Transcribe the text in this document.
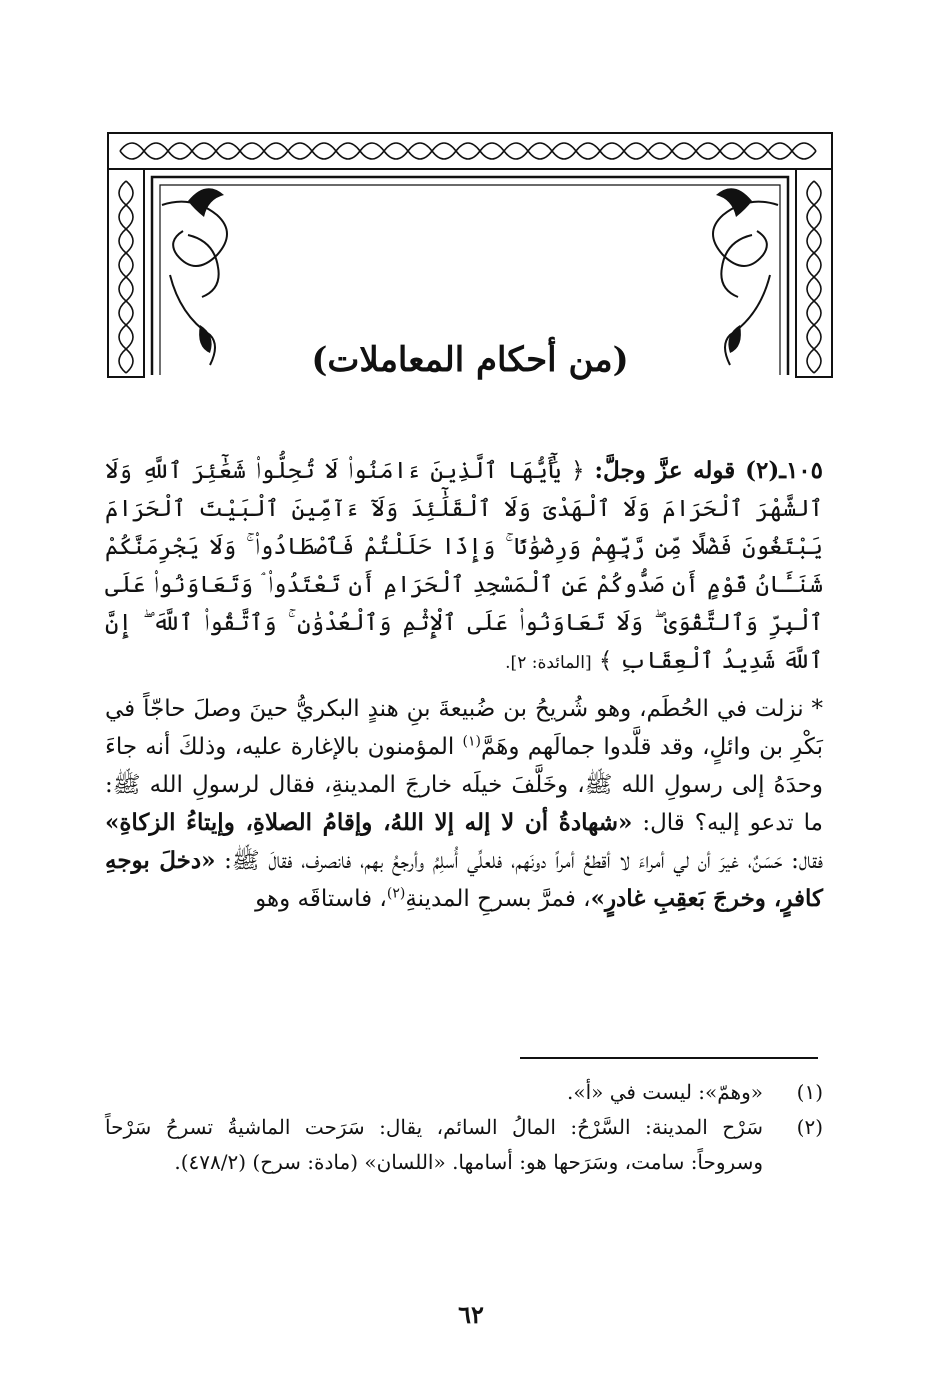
(من أحكام المعاملات)

١٠٥ـ(٢) قوله عزَّ وجلَّ: ﴿ يَٰٓأَيُّهَا ٱلَّذِينَ ءَامَنُوا۟ لَا تُحِلُّوا۟ شَعَٰٓئِرَ ٱللَّهِ وَلَا ٱلشَّهْرَ ٱلْحَرَامَ وَلَا ٱلْهَدْىَ وَلَا ٱلْقَلَٰٓئِدَ وَلَآ ءَآمِّينَ ٱلْبَيْتَ ٱلْحَرَامَ يَبْتَغُونَ فَضْلًا مِّن رَّبِّهِمْ وَرِضْوَٰنًا ۚ وَإِذَا حَلَلْتُمْ فَٱصْطَادُوا۟ ۚ وَلَا يَجْرِمَنَّكُمْ شَنَـَٔانُ قَوْمٍ أَن صَدُّوكُمْ عَنِ ٱلْمَسْجِدِ ٱلْحَرَامِ أَن تَعْتَدُوا۟ ۘ وَتَعَاوَنُوا۟ عَلَى ٱلْبِرِّ وَٱلتَّقْوَىٰ ۖ وَلَا تَعَاوَنُوا۟ عَلَى ٱلْإِثْمِ وَٱلْعُدْوَٰنِ ۚ وَٱتَّقُوا۟ ٱللَّهَ ۖ إِنَّ ٱللَّهَ شَدِيدُ ٱلْعِقَابِ ﴾ [المائدة: ٢].

* نزلت في الحُطَم، وهو شُريحُ بن ضُبيعةَ بنِ هندٍ البكريُّ حينَ وصلَ حاجّاً في بَكْرِ بن وائلٍ، وقد قلَّدوا جمالَهم وهَمَّ$^{(١)}$ المؤمنون بالإغارة عليه، وذلكَ أنه جاءَ وحدَهُ إلى رسولِ الله ﷺ، وخَلَّفَ خيلَه خارجَ المدينةِ، فقال لرسولِ الله ﷺ: ما تدعو إليه؟ قال: «شهادةُ أن لا إله إلا اللهُ، وإقامُ الصلاةِ، وإيتاءُ الزكاةِ» فقال: حَسَنٌ، غيرَ أن لي أمراءَ لا أقطعُ أمراً دونَهم، فلعلِّي أُسلِمُ وأرجعُ بهم، فانصرف، فقالَ ﷺ: «دخلَ بوجهِ كافرٍ، وخرجَ بَعقِبِ غادرٍ»، فمرَّ بسرحِ المدينةِ$^{(٢)}$، فاستاقَه وهو

(١)
«وهمّ»: ليست في «أ».
(٢)
سَرْح المدينة: السَّرْحُ: المالُ السائم، يقال: سَرَحت الماشيةُ تسرحُ سَرْحاً وسروحاً: سامت، وسَرَحها هو: أسامها. «اللسان» (مادة: سرح) (٤٧٨/٢).
٦٢
